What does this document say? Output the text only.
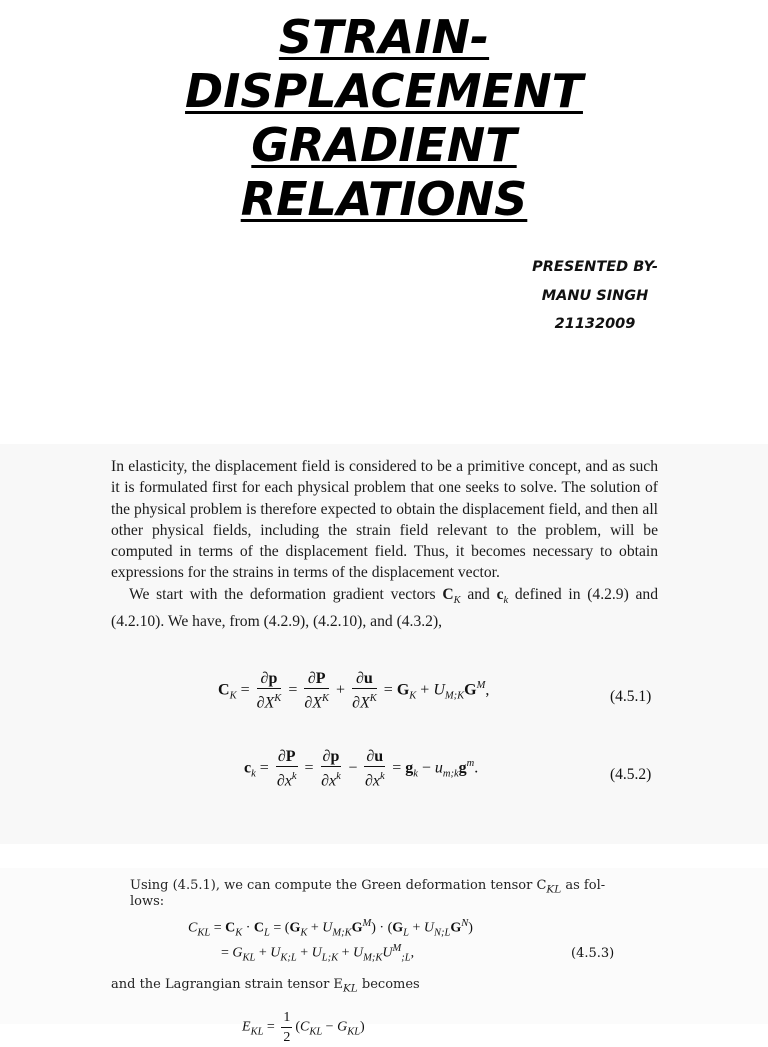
STRAIN-
DISPLACEMENT
GRADIENT
RELATIONS
PRESENTED BY-
MANU SINGH
21132009

In elasticity, the displacement field is considered to be a primitive concept, and as such it is formulated first for each physical problem that one seeks to solve. The solution of the physical problem is therefore expected to obtain the displacement field, and then all other physical fields, including the strain field relevant to the problem, will be computed in terms of the displacement field. Thus, it becomes necessary to obtain expressions for the strains in terms of the displacement vector.

We start with the deformation gradient vectors $C_K$ and $c_k$ defined in (4.2.9) and (4.2.10). We have, from (4.2.9), (4.2.10), and (4.3.2),

$C_K = \frac{\partial p}{\partial X^K} = \frac{\partial P}{\partial X^K} + \frac{\partial u}{\partial X^K} = G_K + U_{M;K}G^M$,	(4.5.1)
$c_k = \frac{\partial P}{\partial x^k} = \frac{\partial p}{\partial x^k} - \frac{\partial u}{\partial x^k} = g_k - u_{m;k}g^m$.	(4.5.2)
Using (4.5.1), we can compute the Green deformation tensor $C_{KL}$ as fol-
lows:
$C_{KL} = C_K \cdot C_L = (G_K + U_{M;K}G^M) \cdot (G_L + U_{N;L}G^N)$
= $G_{KL} + U_{K;L} + U_{L;K} + U_{M;K}U^M_{;L}$,	(4.5.3)
and the Lagrangian strain tensor $E_{KL}$ becomes
$E_{KL} = \frac{1}{2} (C_{KL} - G_{KL})$
